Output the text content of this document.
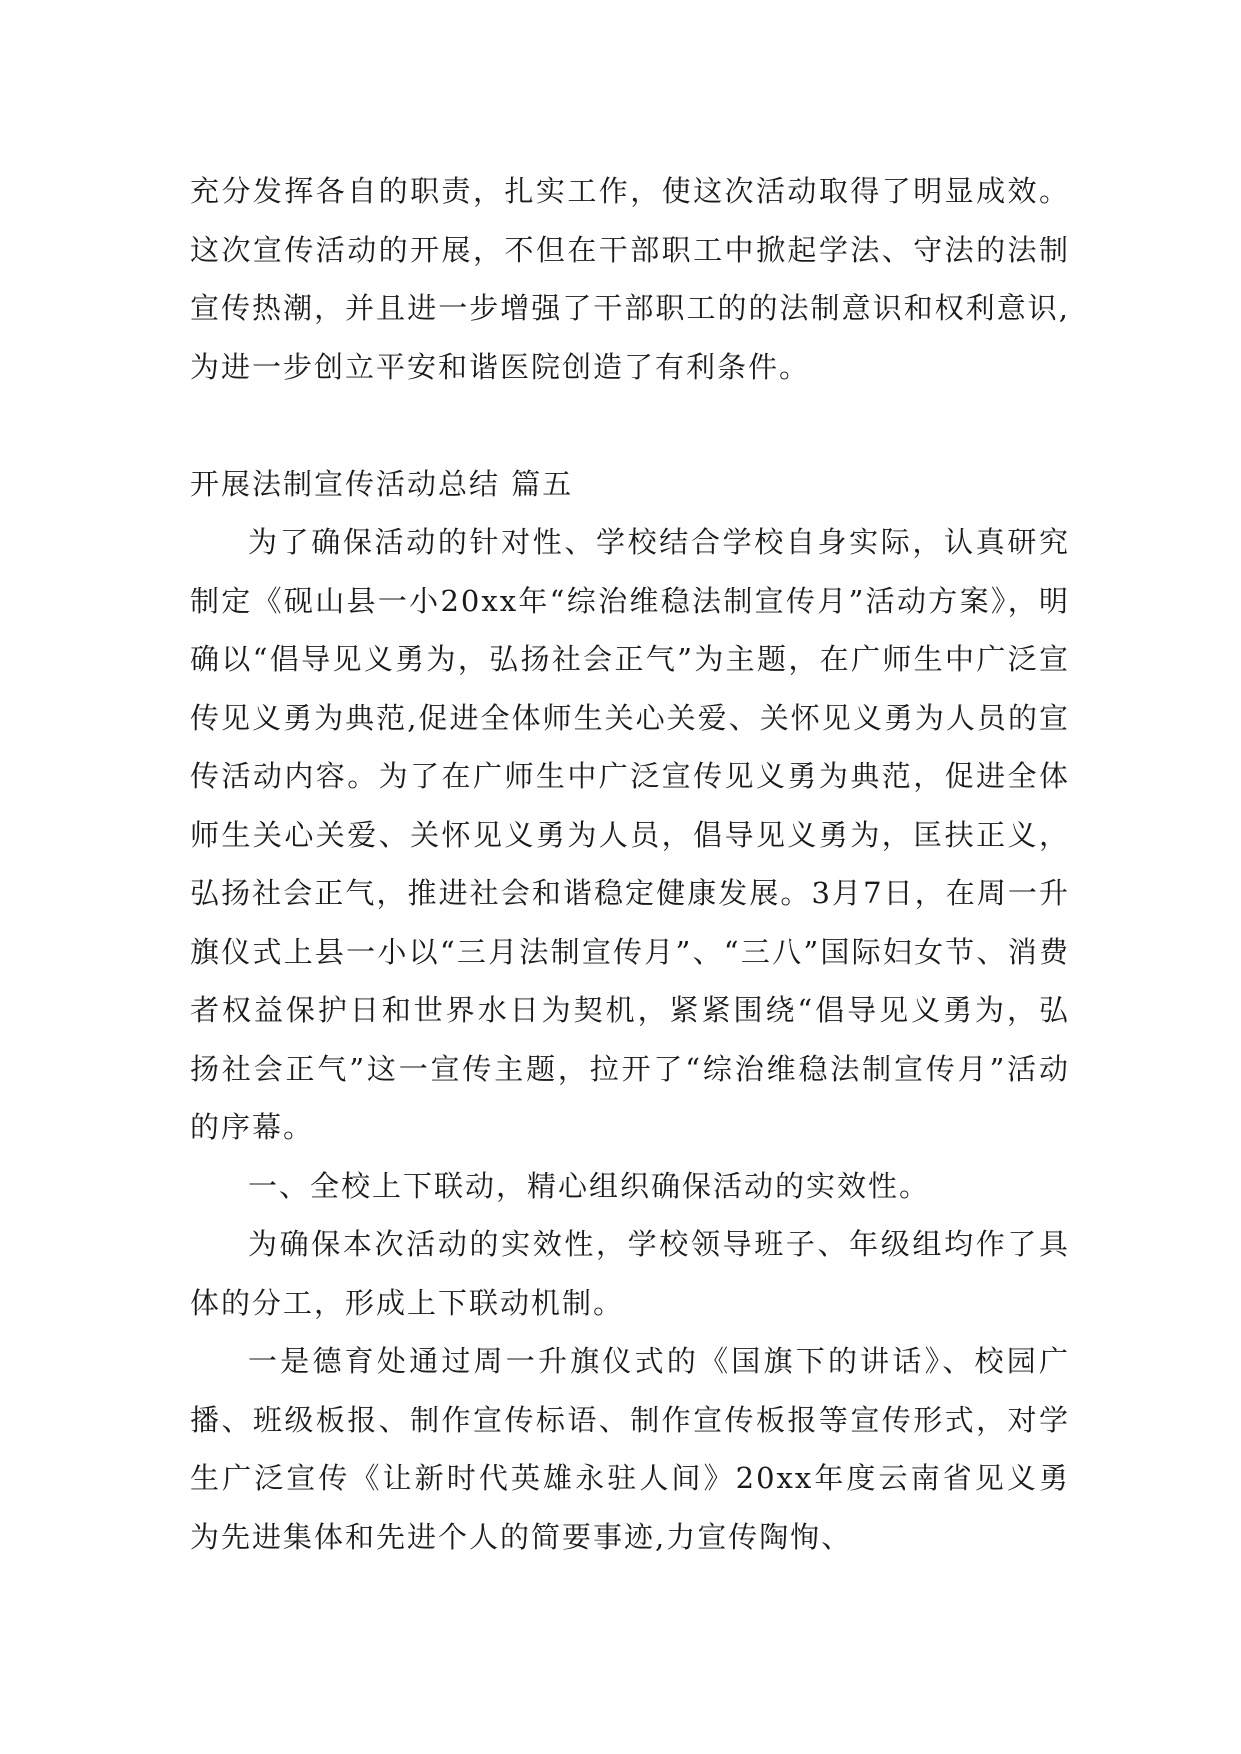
充分发挥各自的职责，扎实工作，使这次活动取得了明显成效。这次宣传活动的开展，不但在干部职工中掀起学法、守法的法制宣传热潮，并且进一步增强了干部职工的的法制意识和权利意识,为进一步创立平安和谐医院创造了有利条件。

开展法制宣传活动总结 篇五

为了确保活动的针对性、学校结合学校自身实际，认真研究制定《砚山县一小20xx年“综治维稳法制宣传月”活动方案》，明确以“倡导见义勇为，弘扬社会正气”为主题，在广师生中广泛宣传见义勇为典范,促进全体师生关心关爱、关怀见义勇为人员的宣传活动内容。为了在广师生中广泛宣传见义勇为典范，促进全体师生关心关爱、关怀见义勇为人员，倡导见义勇为，匡扶正义，弘扬社会正气，推进社会和谐稳定健康发展。3月7日，在周一升旗仪式上县一小以“三月法制宣传月”、“三八”国际妇女节、消费者权益保护日和世界水日为契机，紧紧围绕“倡导见义勇为，弘扬社会正气”这一宣传主题，拉开了“综治维稳法制宣传月”活动的序幕。

一、全校上下联动，精心组织确保活动的实效性。

为确保本次活动的实效性，学校领导班子、年级组均作了具体的分工，形成上下联动机制。

一是德育处通过周一升旗仪式的《国旗下的讲话》、校园广播、班级板报、制作宣传标语、制作宣传板报等宣传形式，对学生广泛宣传《让新时代英雄永驻人间》20xx年度云南省见义勇为先进集体和先进个人的简要事迹,力宣传陶恂、
